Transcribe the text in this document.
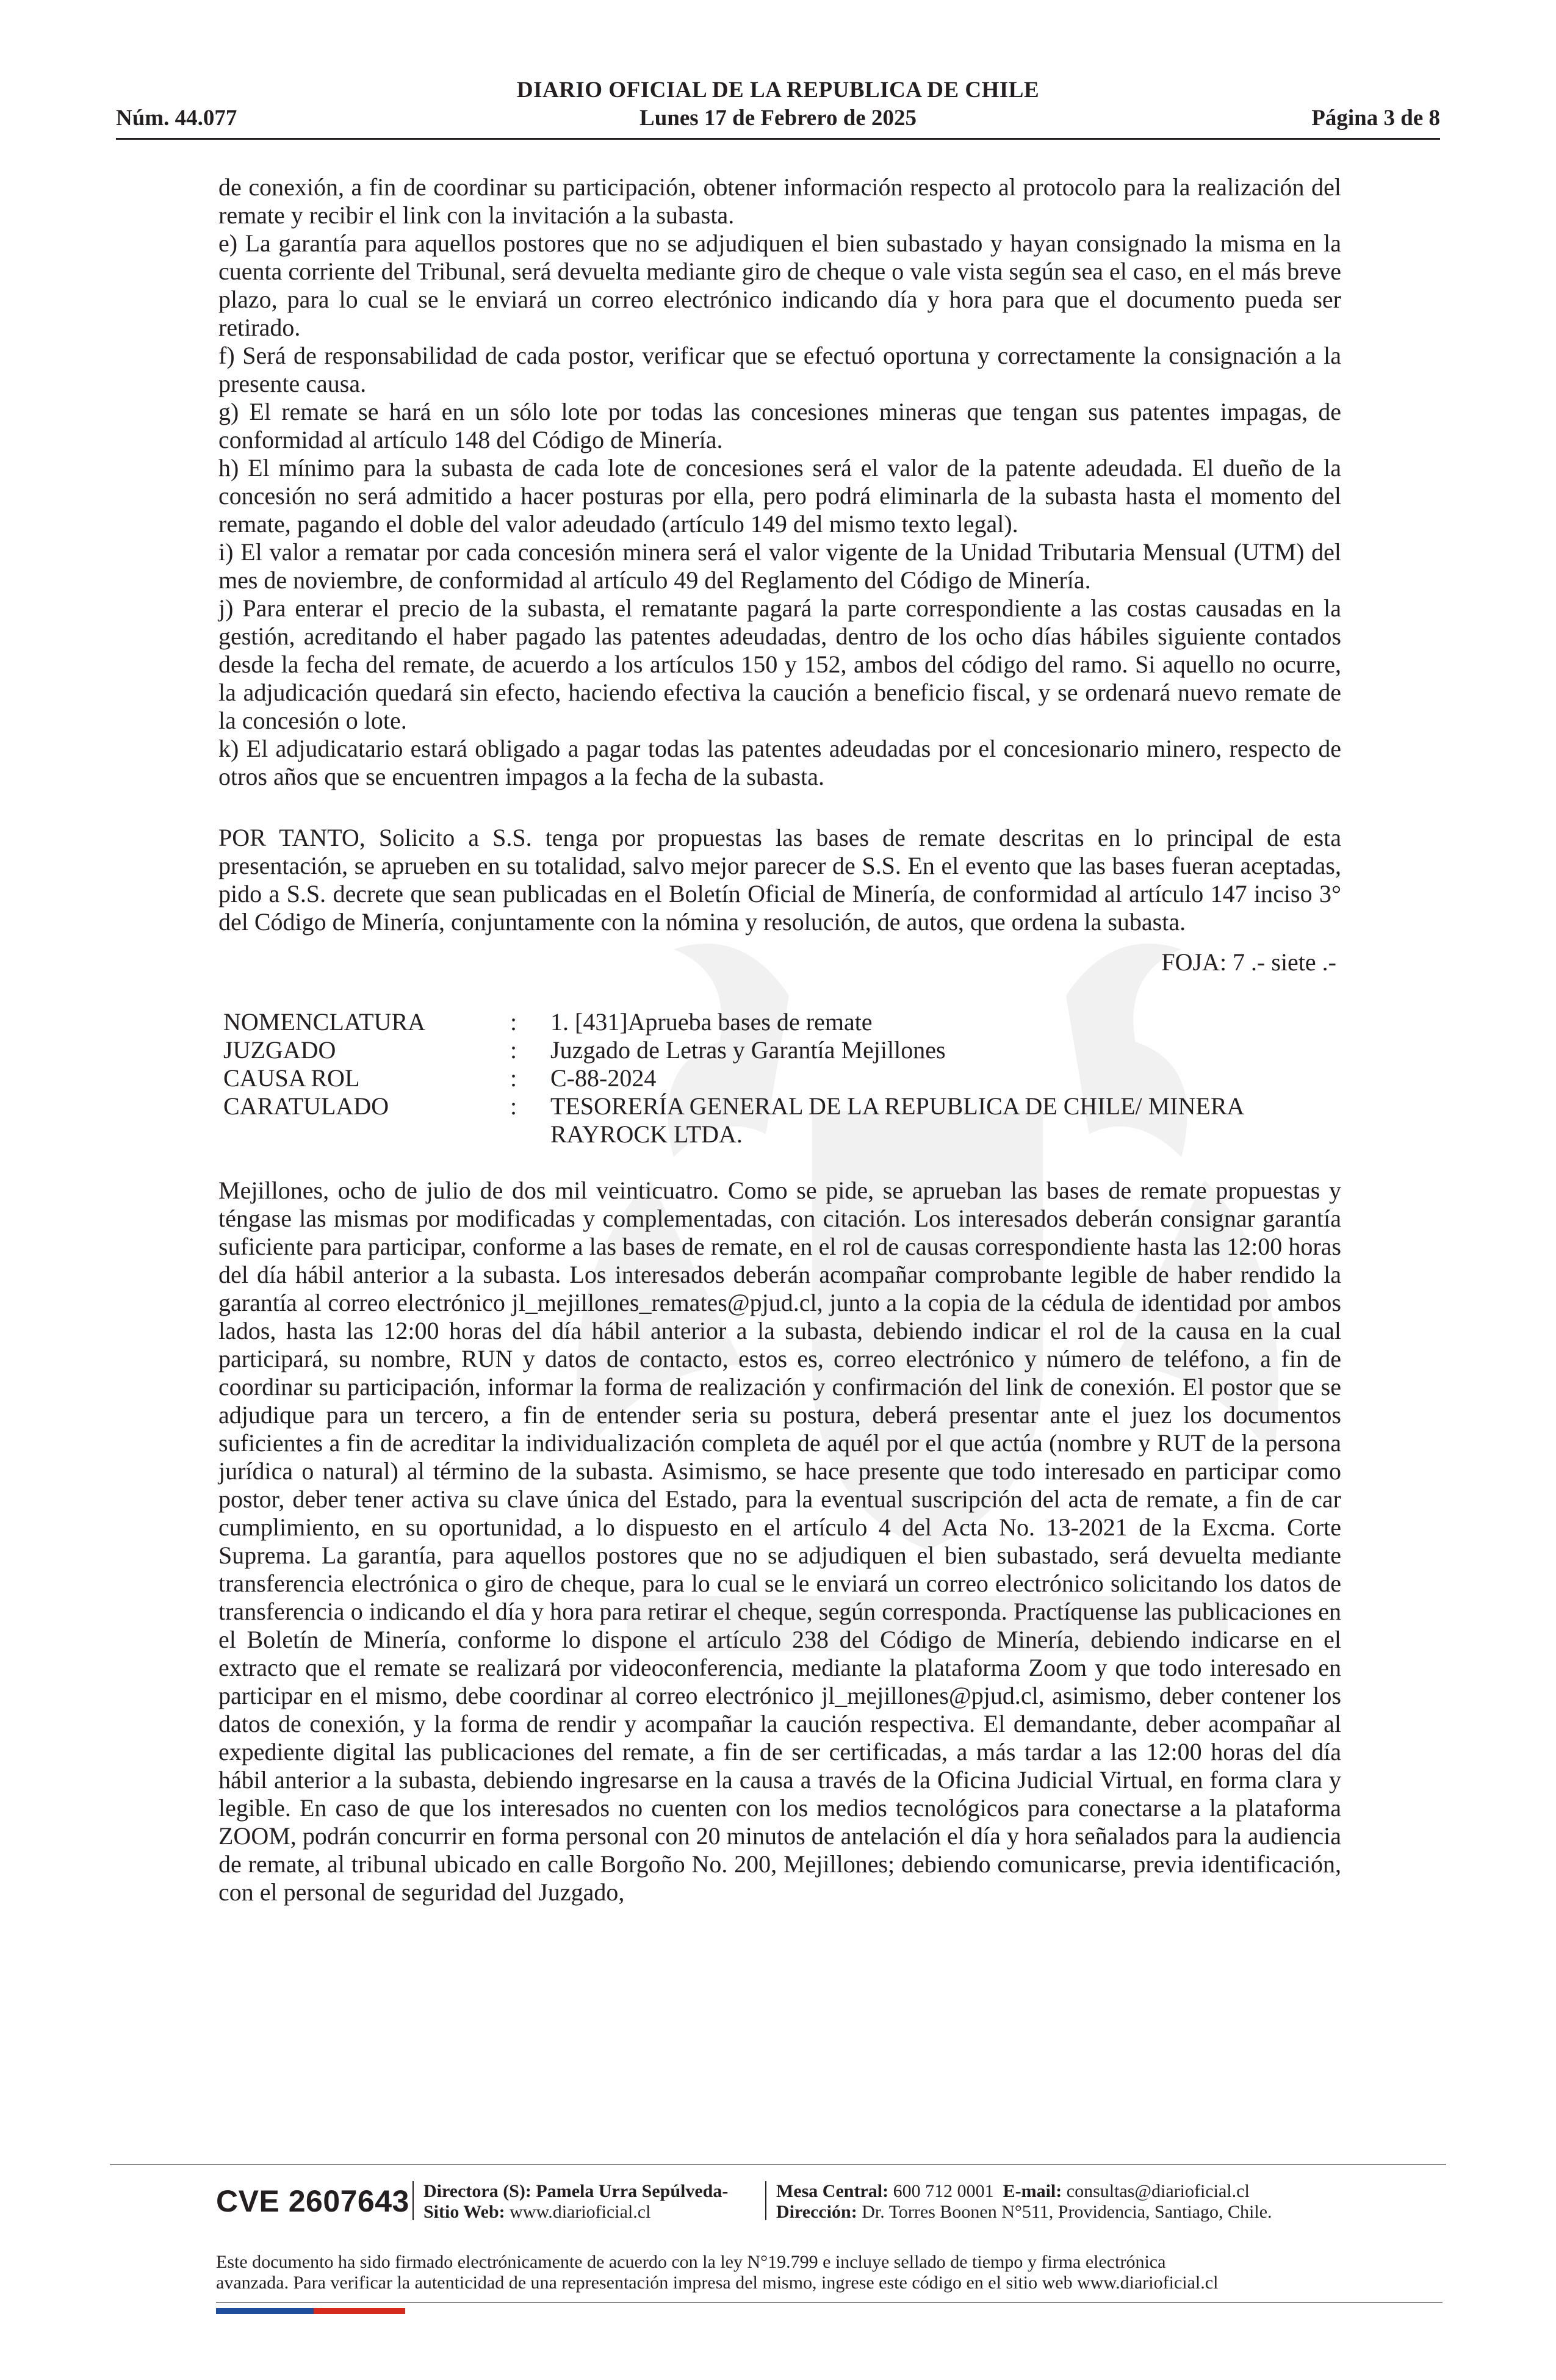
DIARIO OFICIAL DE LA REPUBLICA DE CHILE
Núm. 44.077	Lunes 17 de Febrero de 2025	Página 3 de 8

de conexión, a fin de coordinar su participación, obtener información respecto al protocolo para la realización del remate y recibir el link con la invitación a la subasta.

e) La garantía para aquellos postores que no se adjudiquen el bien subastado y hayan consignado la misma en la cuenta corriente del Tribunal, será devuelta mediante giro de cheque o vale vista según sea el caso, en el más breve plazo, para lo cual se le enviará un correo electrónico indicando día y hora para que el documento pueda ser retirado.

f) Será de responsabilidad de cada postor, verificar que se efectuó oportuna y correctamente la consignación a la presente causa.

g) El remate se hará en un sólo lote por todas las concesiones mineras que tengan sus patentes impagas, de conformidad al artículo 148 del Código de Minería.

h) El mínimo para la subasta de cada lote de concesiones será el valor de la patente adeudada. El dueño de la concesión no será admitido a hacer posturas por ella, pero podrá eliminarla de la subasta hasta el momento del remate, pagando el doble del valor adeudado (artículo 149 del mismo texto legal).

i) El valor a rematar por cada concesión minera será el valor vigente de la Unidad Tributaria Mensual (UTM) del mes de noviembre, de conformidad al artículo 49 del Reglamento del Código de Minería.

j) Para enterar el precio de la subasta, el rematante pagará la parte correspondiente a las costas causadas en la gestión, acreditando el haber pagado las patentes adeudadas, dentro de los ocho días hábiles siguiente contados desde la fecha del remate, de acuerdo a los artículos 150 y 152, ambos del código del ramo. Si aquello no ocurre, la adjudicación quedará sin efecto, haciendo efectiva la caución a beneficio fiscal, y se ordenará nuevo remate de la concesión o lote.

k) El adjudicatario estará obligado a pagar todas las patentes adeudadas por el concesionario minero, respecto de otros años que se encuentren impagos a la fecha de la subasta.

POR TANTO, Solicito a S.S. tenga por propuestas las bases de remate descritas en lo principal de esta presentación, se aprueben en su totalidad, salvo mejor parecer de S.S. En el evento que las bases fueran aceptadas, pido a S.S. decrete que sean publicadas en el Boletín Oficial de Minería, de conformidad al artículo 147 inciso 3° del Código de Minería, conjuntamente con la nómina y resolución, de autos, que ordena la subasta.

FOJA: 7 .- siete .-
NOMENCLATURA	:	1. [431]Aprueba bases de remate
JUZGADO	:	Juzgado de Letras y Garantía Mejillones
CAUSA ROL	:	C-88-2024
CARATULADO	:	TESORERÍA GENERAL DE LA REPUBLICA DE CHILE/ MINERA RAYROCK LTDA.

Mejillones, ocho de julio de dos mil veinticuatro. Como se pide, se aprueban las bases de remate propuestas y téngase las mismas por modificadas y complementadas, con citación. Los interesados deberán consignar garantía suficiente para participar, conforme a las bases de remate, en el rol de causas correspondiente hasta las 12:00 horas del día hábil anterior a la subasta. Los interesados deberán acompañar comprobante legible de haber rendido la garantía al correo electrónico jl_mejillones_remates@pjud.cl, junto a la copia de la cédula de identidad por ambos lados, hasta las 12:00 horas del día hábil anterior a la subasta, debiendo indicar el rol de la causa en la cual participará, su nombre, RUN y datos de contacto, estos es, correo electrónico y número de teléfono, a fin de coordinar su participación, informar la forma de realización y confirmación del link de conexión. El postor que se adjudique para un tercero, a fin de entender seria su postura, deberá presentar ante el juez los documentos suficientes a fin de acreditar la individualización completa de aquél por el que actúa (nombre y RUT de la persona jurídica o natural) al término de la subasta. Asimismo, se hace presente que todo interesado en participar como postor, deber tener activa su clave única del Estado, para la eventual suscripción del acta de remate, a fin de car cumplimiento, en su oportunidad, a lo dispuesto en el artículo 4 del Acta No. 13-2021 de la Excma. Corte Suprema. La garantía, para aquellos postores que no se adjudiquen el bien subastado, será devuelta mediante transferencia electrónica o giro de cheque, para lo cual se le enviará un correo electrónico solicitando los datos de transferencia o indicando el día y hora para retirar el cheque, según corresponda. Practíquense las publicaciones en el Boletín de Minería, conforme lo dispone el artículo 238 del Código de Minería, debiendo indicarse en el extracto que el remate se realizará por videoconferencia, mediante la plataforma Zoom y que todo interesado en participar en el mismo, debe coordinar al correo electrónico jl_mejillones@pjud.cl, asimismo, deber contener los datos de conexión, y la forma de rendir y acompañar la caución respectiva. El demandante, deber acompañar al expediente digital las publicaciones del remate, a fin de ser certificadas, a más tardar a las 12:00 horas del día hábil anterior a la subasta, debiendo ingresarse en la causa a través de la Oficina Judicial Virtual, en forma clara y legible. En caso de que los interesados no cuenten con los medios tecnológicos para conectarse a la plataforma ZOOM, podrán concurrir en forma personal con 20 minutos de antelación el día y hora señalados para la audiencia de remate, al tribunal ubicado en calle Borgoño No. 200, Mejillones; debiendo comunicarse, previa identificación, con el personal de seguridad del Juzgado,

CVE 2607643 Directora (S): Pamela Urra Sepúlveda-
Sitio Web: www.diarioficial.cl
Mesa Central: 600 712 0001 E-mail: consultas@diarioficial.cl
Dirección: Dr. Torres Boonen N°511, Providencia, Santiago, Chile.
Este documento ha sido firmado electrónicamente de acuerdo con la ley N°19.799 e incluye sellado de tiempo y firma electrónica
avanzada. Para verificar la autenticidad de una representación impresa del mismo, ingrese este código en el sitio web www.diarioficial.cl
